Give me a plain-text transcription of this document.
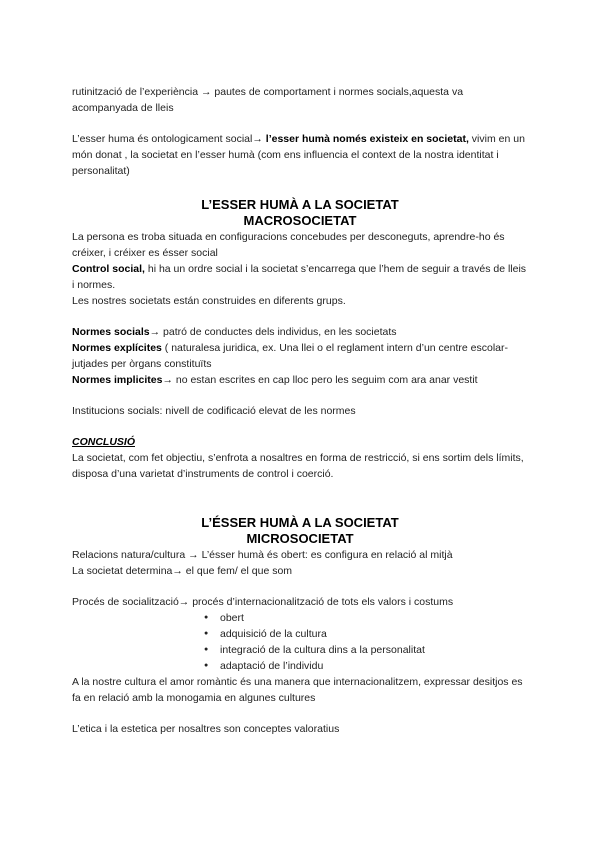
rutinització de l’experiència → pautes de comportament i normes socials,aquesta va acompanyada de lleis

L’esser huma és ontologicament social→ l’esser humà només existeix en societat, vivim en un món donat , la societat en l’esser humà (com ens influencia el context de la nostra identitat i personalitat)

L’ESSER HUMÀ A LA SOCIETAT
MACROSOCIETAT

La persona es troba situada en configuracions concebudes per desconeguts, aprendre-ho és créixer, i créixer es ésser social

Control social, hi ha un ordre social i la societat s’encarrega que l’hem de seguir a través de lleis i normes.

Les nostres societats están construides en diferents grups.

Normes socials→ patró de conductes dels individus, en les societats

Normes explícites ( naturalesa juridica, ex. Una llei o el reglament intern d’un centre escolar- jutjades per òrgans constituïts

Normes implicites→ no estan escrites en cap lloc pero les seguim com ara anar vestit

Institucions socials: nivell de codificació elevat de les normes

CONCLUSIÓ

La societat, com fet objectiu, s’enfrota a nosaltres en forma de restricció, si ens sortim dels límits, disposa d’una varietat d’instruments de control i coerció.

L’ÉSSER HUMÀ A LA SOCIETAT
MICROSOCIETAT

Relacions natura/cultura → L’ésser humà és obert: es configura en relació al mitjà

La societat determina→ el que fem/ el que som

Procés de socialització→ procés d’internacionalització de tots els valors i costums

● obert
● adquisició de la cultura
● integració de la cultura dins a la personalitat
● adaptació de l’individu

A la nostre cultura el amor romàntic és una manera que internacionalitzem, expressar desitjos es fa en relació amb la monogamia en algunes cultures

L’etica i la estetica per nosaltres son conceptes valoratius
